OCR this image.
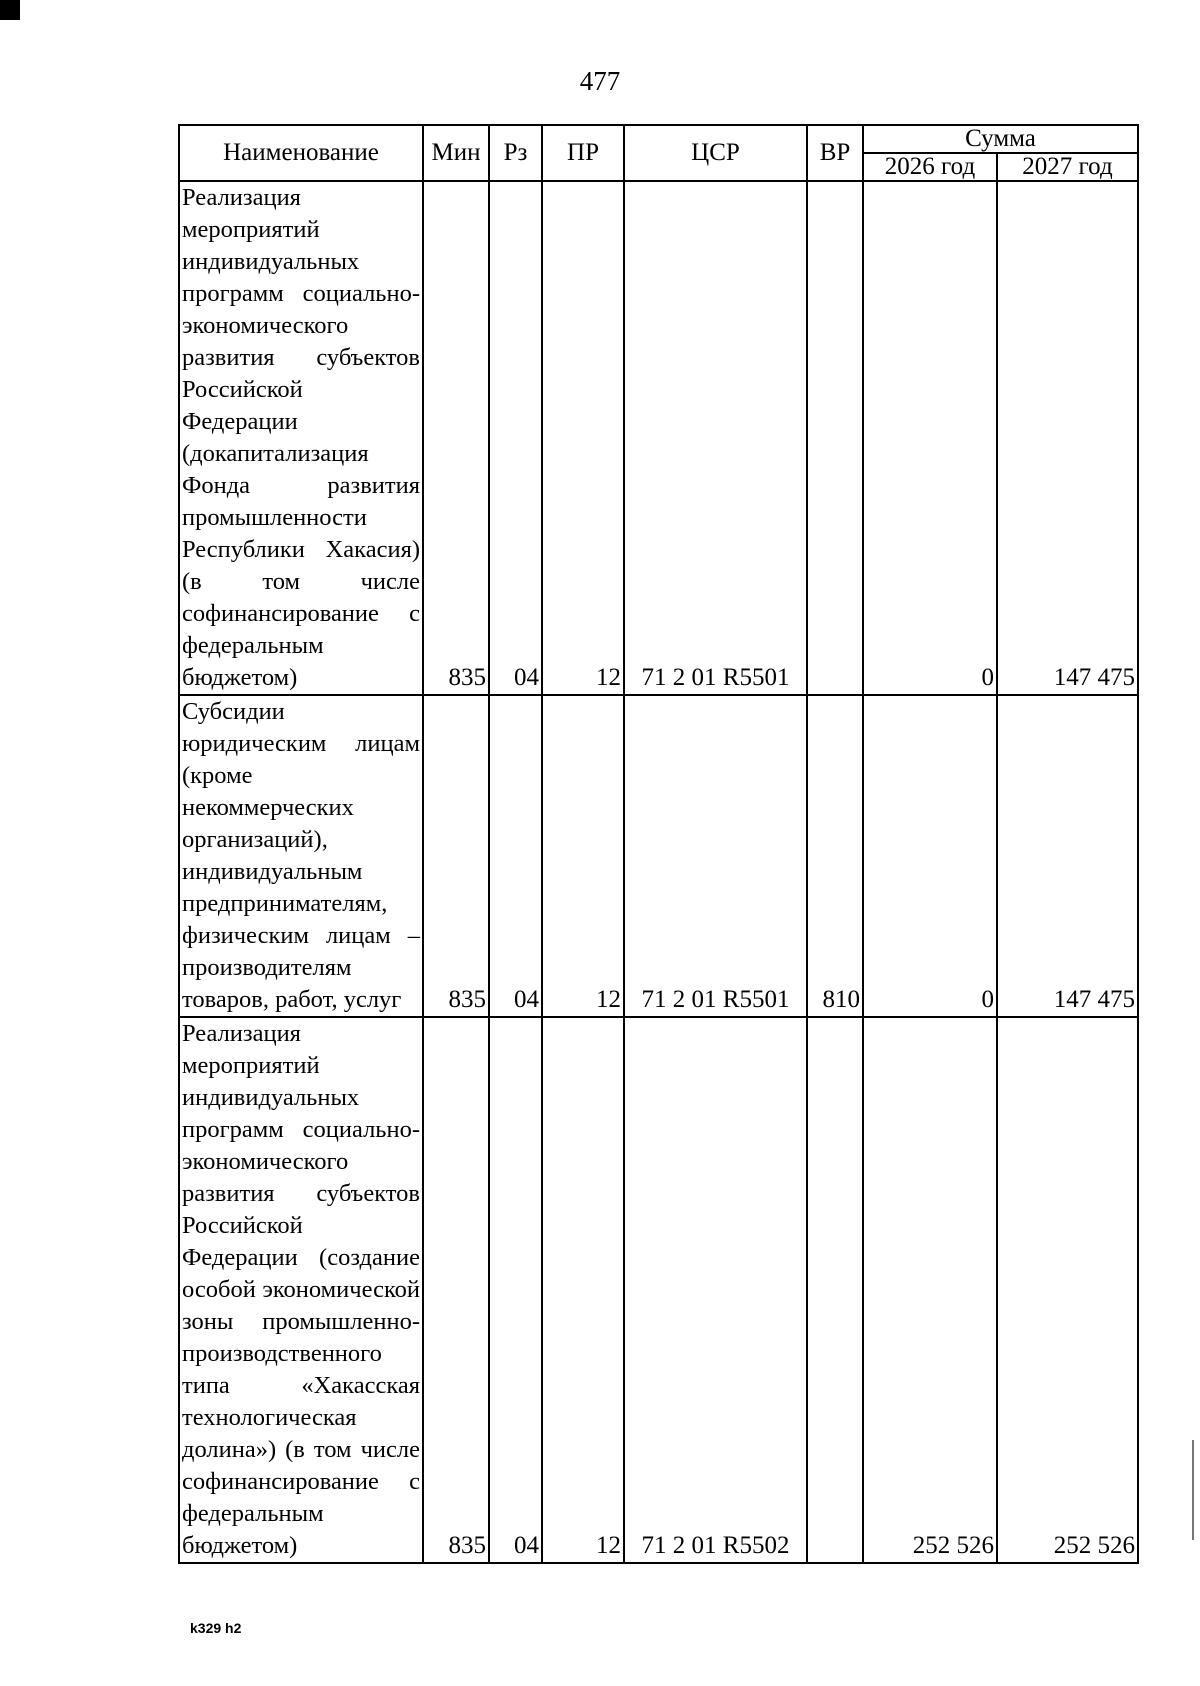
477
Наименование	Мин	Рз	ПР	ЦСР	ВР	Сумма	
						2026 год	2027 год
Реализация мероприятий индивидуальных программ социально-экономического развития субъектов Российской Федерации (докапитализация Фонда развития промышленности Республики Хакасия) (в том числе софинансирование с федеральным бюджетом)	835	04	12	71 2 01 R5501		0	147 475
Субсидии юридическим лицам (кроме некоммерческих организаций), индивидуальным предпринимателям, физическим лицам – производителям товаров, работ, услуг	835	04	12	71 2 01 R5501	810	0	147 475
Реализация мероприятий индивидуальных программ социально-экономического развития субъектов Российской Федерации (создание особой экономической зоны промышленно-производственного типа «Хакасская технологическая долина») (в том числе софинансирование с федеральным бюджетом)	835	04	12	71 2 01 R5502		252 526	252 526
k329 h2
